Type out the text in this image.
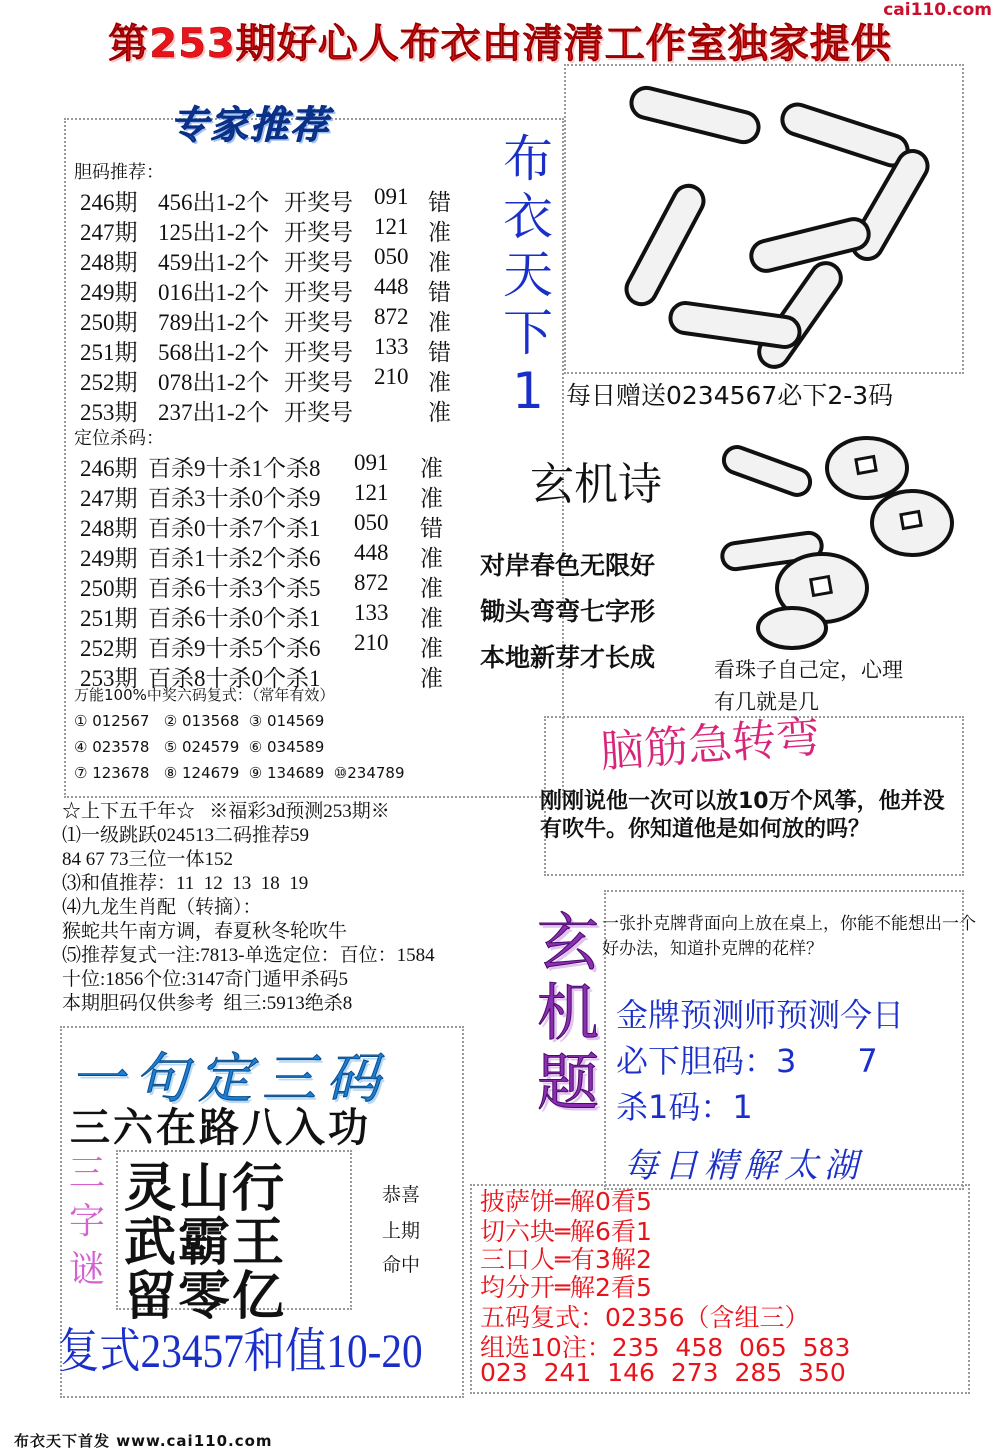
第253期好心人布衣由清清工作室独家提供
cai110.com
专家推荐
胆码推荐：
246期 456出1-2个 开奖号 091 错
247期 125出1-2个 开奖号 121 准
248期 459出1-2个 开奖号 050 准
249期 016出1-2个 开奖号 448 错
250期 789出1-2个 开奖号 872 准
251期 568出1-2个 开奖号 133 错
252期 078出1-2个 开奖号 210 准
253期 237出1-2个 开奖号	准
定位杀码：
246期 百杀9十杀1个杀8 091 准
247期 百杀3十杀0个杀9 121 准
248期 百杀0十杀7个杀1 050 错
249期 百杀1十杀2个杀6 448 准
250期 百杀6十杀3个杀5 872 准
251期 百杀6十杀0个杀1 133 准
252期 百杀9十杀5个杀6 210 准
253期 百杀8十杀0个杀1	准
万能100%中奖六码复式：（常年有效）
① 012567   ② 013568  ③ 014569
④ 023578   ⑤ 024579  ⑥ 034589
⑦ 123678   ⑧ 124679  ⑨ 134689  ⑩234789
布
衣
天
下
1 每日赠送0234567必下2-3码
玄机诗
对岸春色无限好
锄头弯弯七字形
本地新芽才长成	看珠子自己定，心理
有几就是几
脑筋急转弯
刚刚说他一次可以放10万个风筝，他并没有吹牛。你知道他是如何放的吗？
☆上下五千年☆   ※福彩3d预测253期※
⑴一级跳跃024513二码推荐59
84 67 73三位一体152
⑶和值推荐：11  12  13  18  19
⑷九龙生肖配（转摘）：
猴蛇共午南方调，春夏秋冬轮吹牛
⑸推荐复式一注:7813-单选定位：百位：1584
十位:1856个位:3147奇门遁甲杀码5
本期胆码仅供参考  组三:5913绝杀8
玄
机
题
一张扑克牌背面向上放在桌上，你能不能想出一个好办法，知道扑克牌的花样？
金牌预测师预测今日
必下胆码：3      7
杀1码：1
每日精解太湖
披萨饼═解0看5
切六块═解6看1
三口人═有3解2
均分开═解2看5
五码复式：02356（含组三）
组选10注：235  458  065  583
023  241  146  273  285  350
一句定三码
三六在路八入功
三
字
谜
灵山行
武霸王
留零亿
恭喜
上期
命中
复式23457和值10-20
布衣天下首发 www.cai110.com
